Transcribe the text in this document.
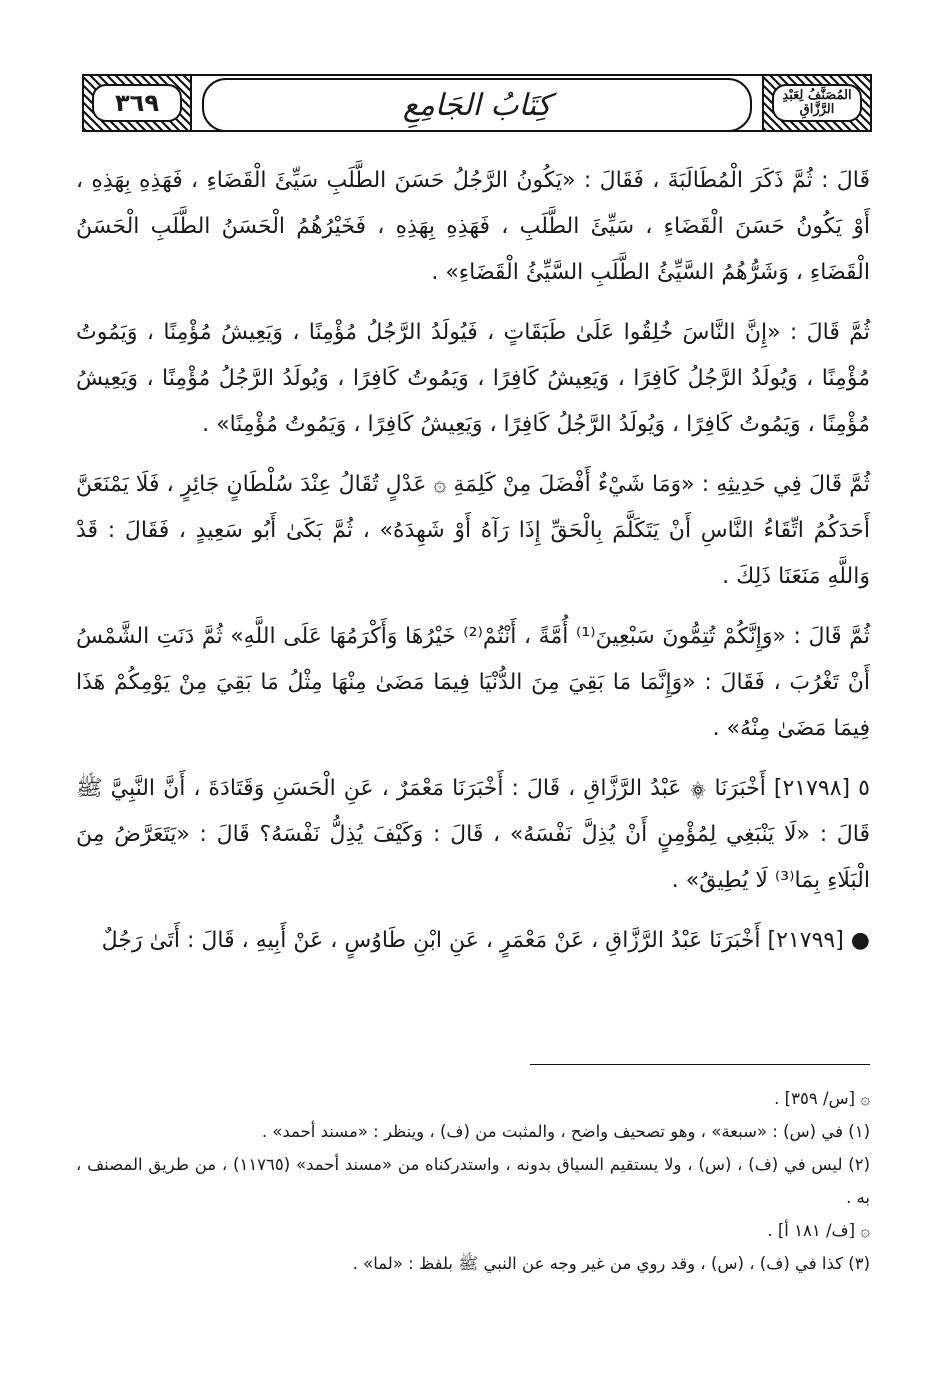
المُصَنَّفُ لِعَبْدِ الرَّزَّاقِ
كِتَابُ الجَامِعِ
٣٦٩

قَالَ : ثُمَّ ذَكَرَ الْمُطَالَبَةَ ، فَقَالَ : «يَكُونُ الرَّجُلُ حَسَنَ الطَّلَبِ سَيِّئَ الْقَضَاءِ ، فَهَذِهِ بِهَذِهِ ، أَوْ يَكُونُ حَسَنَ الْقَضَاءِ ، سَيِّئَ الطَّلَبِ ، فَهَذِهِ بِهَذِهِ ، فَخَيْرُهُمُ الْحَسَنُ الطَّلَبِ الْحَسَنُ الْقَضَاءِ ، وَشَرُّهُمُ السَّيِّئُ الطَّلَبِ السَّيِّئُ الْقَضَاءِ» .

ثُمَّ قَالَ : «إِنَّ النَّاسَ خُلِقُوا عَلَىٰ طَبَقَاتٍ ، فَيُولَدُ الرَّجُلُ مُؤْمِنًا ، وَيَعِيشُ مُؤْمِنًا ، وَيَمُوتُ مُؤْمِنًا ، وَيُولَدُ الرَّجُلُ كَافِرًا ، وَيَعِيشُ كَافِرًا ، وَيَمُوتُ كَافِرًا ، وَيُولَدُ الرَّجُلُ مُؤْمِنًا ، وَيَعِيشُ مُؤْمِنًا ، وَيَمُوتُ كَافِرًا ، وَيُولَدُ الرَّجُلُ كَافِرًا ، وَيَعِيشُ كَافِرًا ، وَيَمُوتُ مُؤْمِنًا» .

ثُمَّ قَالَ فِي حَدِيثِهِ : «وَمَا شَيْءٌ أَفْضَلَ مِنْ كَلِمَةِ ۞ عَدْلٍ تُقَالُ عِنْدَ سُلْطَانٍ جَائِرٍ ، فَلَا يَمْنَعَنَّ أَحَدَكُمُ اتِّقَاءُ النَّاسِ أَنْ يَتَكَلَّمَ بِالْحَقِّ إِذَا رَآهُ أَوْ شَهِدَهُ» ، ثُمَّ بَكَىٰ أَبُو سَعِيدٍ ، فَقَالَ : قَدْ وَاللَّهِ مَنَعَنَا ذَلِكَ .

ثُمَّ قَالَ : «وَإِنَّكُمْ تُتِمُّونَ سَبْعِينَ⁽¹⁾ أُمَّةً ، أَنْتُمْ⁽²⁾ خَيْرُهَا وَأَكْرَمُهَا عَلَى اللَّهِ» ثُمَّ دَنَتِ الشَّمْسُ أَنْ تَغْرُبَ ، فَقَالَ : «وَإِنَّمَا مَا بَقِيَ مِنَ الدُّنْيَا فِيمَا مَضَىٰ مِنْهَا مِثْلُ مَا بَقِيَ مِنْ يَوْمِكُمْ هَذَا فِيمَا مَضَىٰ مِنْهُ» .

٥ [٢١٧٩٨] أَخْبَرَنَا ۞ عَبْدُ الرَّزَّاقِ ، قَالَ : أَخْبَرَنَا مَعْمَرٌ ، عَنِ الْحَسَنِ وَقَتَادَةَ ، أَنَّ النَّبِيَّ ﷺ قَالَ : «لَا يَنْبَغِي لِمُؤْمِنٍ أَنْ يُذِلَّ نَفْسَهُ» ، قَالَ : وَكَيْفَ يُذِلُّ نَفْسَهُ؟ قَالَ : «يَتَعَرَّضُ مِنَ الْبَلَاءِ بِمَا⁽³⁾ لَا يُطِيقُ» .

● [٢١٧٩٩] أَخْبَرَنَا عَبْدُ الرَّزَّاقِ ، عَنْ مَعْمَرٍ ، عَنِ ابْنِ طَاوُسٍ ، عَنْ أَبِيهِ ، قَالَ : أَتَىٰ رَجُلٌ

۞ [س/ ٣٥٩] .

(١) في (س) : «سبعة» ، وهو تصحيف واضح ، والمثبت من (ف) ، وينظر : «مسند أحمد» .

(٢) ليس في (ف) ، (س) ، ولا يستقيم السياق بدونه ، واستدركناه من «مسند أحمد» (١١٧٦٥) ، من طريق المصنف ، به .

۞ [ف/ ١٨١ أ] .

(٣) كذا في (ف) ، (س) ، وقد روي من غير وجه عن النبي ﷺ بلفظ : «لما» .
